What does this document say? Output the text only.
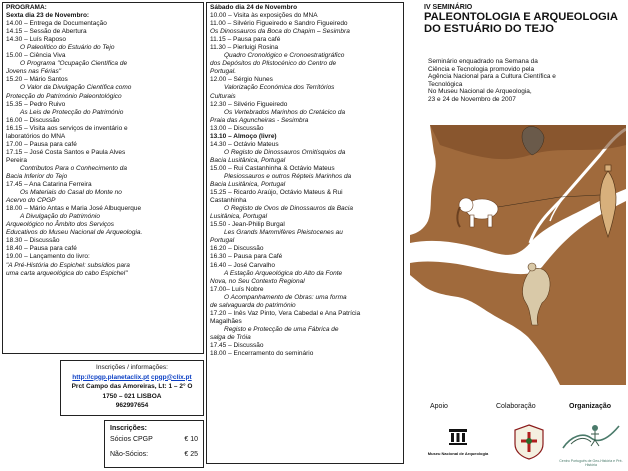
PROGRAMA:
Sexta dia 23 de Novembro:
14.00 – Entrega de Documentação
14.15 – Sessão de Abertura
14.30 – Luís Raposo
O Paleolítico do Estuário do Tejo
15.00 – Ciência Viva
O Programa "Ocupação Científica de
Jovens nas Férias"
15.20 – Mário Santos
O Valor da Divulgação Científica como
Protecção do Património Paleontológico
15.35 – Pedro Ruivo
As Leis de Protecção do Património
16.00 – Discussão
16.15 – Visita aos serviços de inventário e
laboratórios do MNA
17.00 – Pausa para café
17.15 – José Costa Santos e Paula Alves
Pereira
Contributos Para o Conhecimento da
Bacia Inferior do Tejo
17.45 – Ana Catarina Ferreira
Os Materiais do Casal do Monte no
Acervo do CPGP
18.00 – Mário Antas e Maria José Albuquerque
A Divulgação do Património
Arqueológico no Âmbito dos Serviços
Educativos do Museu Nacional de Arqueologia.
18.30 – Discussão
18.40 – Pausa para café
19.00 – Lançamento do livro:
"A Pré-História do Espichel: subsídios para
uma carta arqueológica do cabo Espichel"
Sábado dia 24 de Novembro
10.00 – Visita às exposições do MNA
11.00 – Silvério Figueiredo e Sandro Figueiredo
Os Dinossauros da Boca do Chapim – Sesimbra
11.15 – Pausa para café
11.30 – Pierluigi Rosina
Quadro Cronológico e Cronoestratigráfico
dos Depósitos do Plistocénico do Centro de
Portugal.
12.00 – Sérgio Nunes
Valorização Económica dos Territórios
Culturais
12.30 – Silvério Figueiredo
Os Vertebrados Marinhos do Cretácico da
Praia das Aguncheiras - Sesimbra
13.00 – Discussão
13.10 – Almoço (livre)
14.30 – Octávio Mateus
O Registo de Dinossauros Ornitísquios da
Bacia Lusitânica, Portugal
15.00 – Rui Castanhinha & Octávio Mateus
Plesiossauros e outros Répteis Marinhos da
Bacia Lusitânica, Portugal
15.25 – Ricardo Araújo, Octávio Mateus & Rui
Castanhinha
O Registo de Ovos de Dinossauros da Bacia
Lusitânica, Portugal
15.50 - Jean-Philip Burgal
Les Grands Mammifères Pleistocenes au
Portugal
16.20 – Discussão
16.30 – Pausa para Café
16.40 – José Carvalho
A Estação Arqueológica do Alto da Fonte
Nova, no Seu Contexto Regional
17.00– Luís Nobre
O Acompanhamento de Obras: uma forma
de salvaguarda do património
17.20 – Inês Vaz Pinto, Vera Cabedal e Ana Patrícia
Magalhães
Registo e Protecção de uma Fábrica de
salga de Tróia
17.45 – Discussão
18.00 – Encerramento do seminário
Inscrições / informações:
http://cpgp.planetaclix.pt cpgp@clix.pt
Prct Campo das Amoreiras, Lt: 1 – 2° O
1750 – 021 LISBOA
962997654
Inscrições:
Sócios CPGP	€ 10
Não-Sócios:	€ 25
IV SEMINÁRIO
PALEONTOLOGIA E ARQUEOLOGIA
DO ESTUÁRIO DO TEJO
Seminário enquadrado na Semana da
Ciência e Tecnologia promovido pela
Agência Nacional para a Cultura Científica e
Tecnológica
No Museu Nacional de Arqueologia,
23 e 24 de Novembro de 2007
Apoio	Colaboração	Organização
Museu Nacional de Arqueologia
Centro Português de Geo-História e Pré-História
